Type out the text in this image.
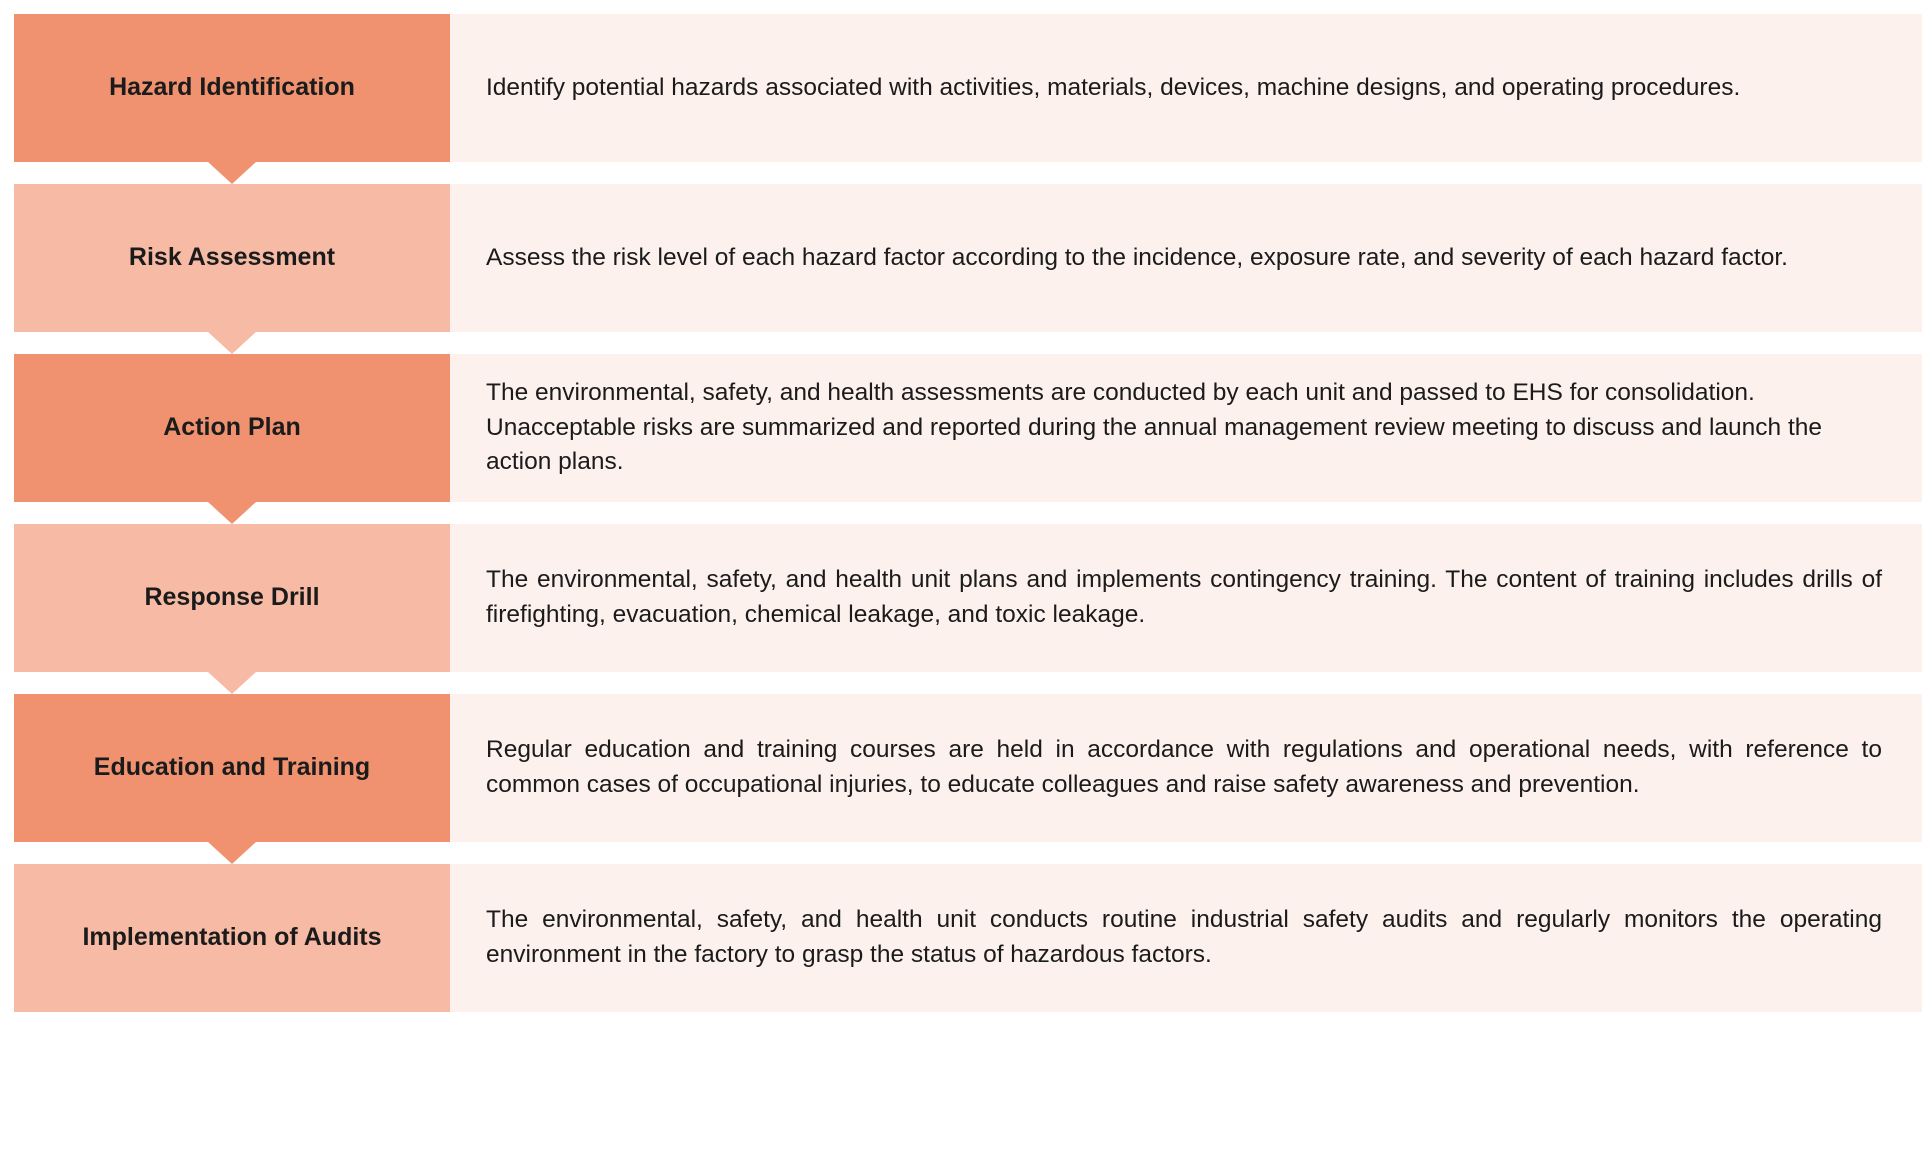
Hazard Identification	Identify potential hazards associated with activities, materials, devices, machine designs, and operating procedures.

Risk Assessment	Assess the risk level of each hazard factor according to the incidence, exposure rate, and severity of each hazard factor.

Action Plan

The environmental, safety, and health assessments are conducted by each unit and passed to EHS for consolidation. Unacceptable risks are summarized and reported during the annual management review meeting to discuss and launch the action plans.

Response Drill

The environmental, safety, and health unit plans and implements contingency training. The content of training includes drills of firefighting, evacuation, chemical leakage, and toxic leakage.

Education and Training

Regular education and training courses are held in accordance with regulations and operational needs, with reference to common cases of occupational injuries, to educate colleagues and raise safety awareness and prevention.

Implementation of Audits

The environmental, safety, and health unit conducts routine industrial safety audits and regularly monitors the operating environment in the factory to grasp the status of hazardous factors.
